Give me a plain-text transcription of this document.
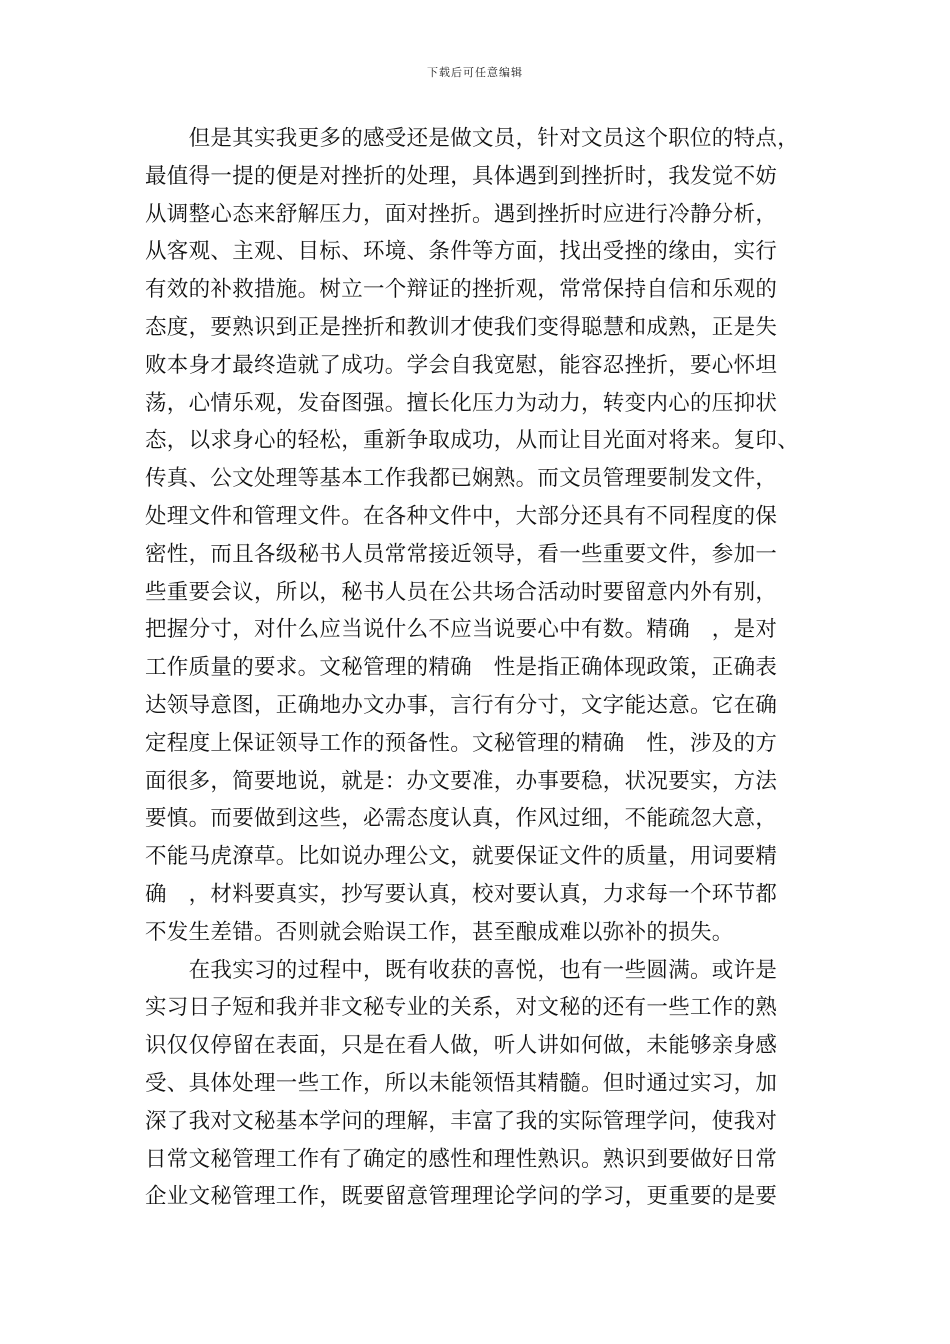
下载后可任意编辑
　　但是其实我更多的感受还是做文员，针对文员这个职位的特点，
最值得一提的便是对挫折的处理，具体遇到到挫折时，我发觉不妨
从调整心态来舒解压力，面对挫折。遇到挫折时应进行冷静分析，
从客观、主观、目标、环境、条件等方面，找出受挫的缘由，实行
有效的补救措施。树立一个辩证的挫折观，常常保持自信和乐观的
态度，要熟识到正是挫折和教训才使我们变得聪慧和成熟，正是失
败本身才最终造就了成功。学会自我宽慰，能容忍挫折，要心怀坦
荡，心情乐观，发奋图强。擅长化压力为动力，转变内心的压抑状
态，以求身心的轻松，重新争取成功，从而让目光面对将来。复印、
传真、公文处理等基本工作我都已娴熟。而文员管理要制发文件，
处理文件和管理文件。在各种文件中，大部分还具有不同程度的保
密性，而且各级秘书人员常常接近领导，看一些重要文件，参加一
些重要会议，所以，秘书人员在公共场合活动时要留意内外有别，
把握分寸，对什么应当说什么不应当说要心中有数。精确　，是对
工作质量的要求。文秘管理的精确　性是指正确体现政策，正确表
达领导意图，正确地办文办事，言行有分寸，文字能达意。它在确
定程度上保证领导工作的预备性。文秘管理的精确　性，涉及的方
面很多，简要地说，就是：办文要准，办事要稳，状况要实，方法
要慎。而要做到这些，必需态度认真，作风过细，不能疏忽大意，
不能马虎潦草。比如说办理公文，就要保证文件的质量，用词要精
确　，材料要真实，抄写要认真，校对要认真，力求每一个环节都
不发生差错。否则就会贻误工作，甚至酿成难以弥补的损失。
　　在我实习的过程中，既有收获的喜悦，也有一些圆满。或许是
实习日子短和我并非文秘专业的关系，对文秘的还有一些工作的熟
识仅仅停留在表面，只是在看人做，听人讲如何做，未能够亲身感
受、具体处理一些工作，所以未能领悟其精髓。但时通过实习，加
深了我对文秘基本学问的理解，丰富了我的实际管理学问，使我对
日常文秘管理工作有了确定的感性和理性熟识。熟识到要做好日常
企业文秘管理工作，既要留意管理理论学问的学习，更重要的是要
